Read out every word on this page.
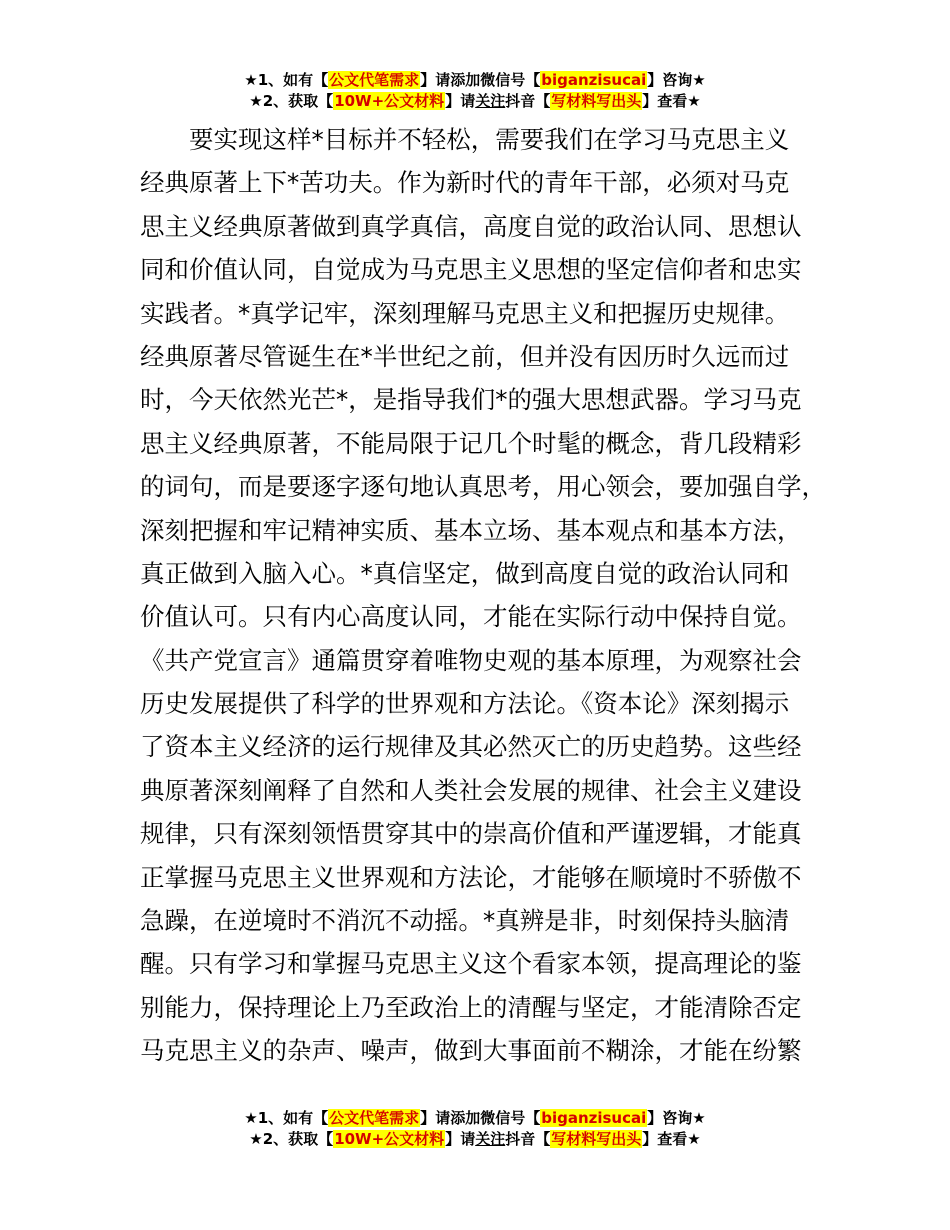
★1、如有【公文代笔需求】请添加微信号【biganzisucai】咨询★
★2、获取【10W+公文材料】请关注抖音【写材料写出头】查看★
要实现这样*目标并不轻松，需要我们在学习马克思主义
经典原著上下*苦功夫。作为新时代的青年干部，必须对马克
思主义经典原著做到真学真信，高度自觉的政治认同、思想认
同和价值认同，自觉成为马克思主义思想的坚定信仰者和忠实
实践者。*真学记牢，深刻理解马克思主义和把握历史规律。
经典原著尽管诞生在*半世纪之前，但并没有因历时久远而过
时，今天依然光芒*，是指导我们*的强大思想武器。学习马克
思主义经典原著，不能局限于记几个时髦的概念，背几段精彩
的词句，而是要逐字逐句地认真思考，用心领会，要加强自学，
深刻把握和牢记精神实质、基本立场、基本观点和基本方法，
真正做到入脑入心。*真信坚定，做到高度自觉的政治认同和
价值认可。只有内心高度认同，才能在实际行动中保持自觉。
《共产党宣言》通篇贯穿着唯物史观的基本原理，为观察社会
历史发展提供了科学的世界观和方法论。《资本论》深刻揭示
了资本主义经济的运行规律及其必然灭亡的历史趋势。这些经
典原著深刻阐释了自然和人类社会发展的规律、社会主义建设
规律，只有深刻领悟贯穿其中的崇高价值和严谨逻辑，才能真
正掌握马克思主义世界观和方法论，才能够在顺境时不骄傲不
急躁，在逆境时不消沉不动摇。*真辨是非，时刻保持头脑清
醒。只有学习和掌握马克思主义这个看家本领，提高理论的鉴
别能力，保持理论上乃至政治上的清醒与坚定，才能清除否定
马克思主义的杂声、噪声，做到大事面前不糊涂，才能在纷繁
★1、如有【公文代笔需求】请添加微信号【biganzisucai】咨询★
★2、获取【10W+公文材料】请关注抖音【写材料写出头】查看★
